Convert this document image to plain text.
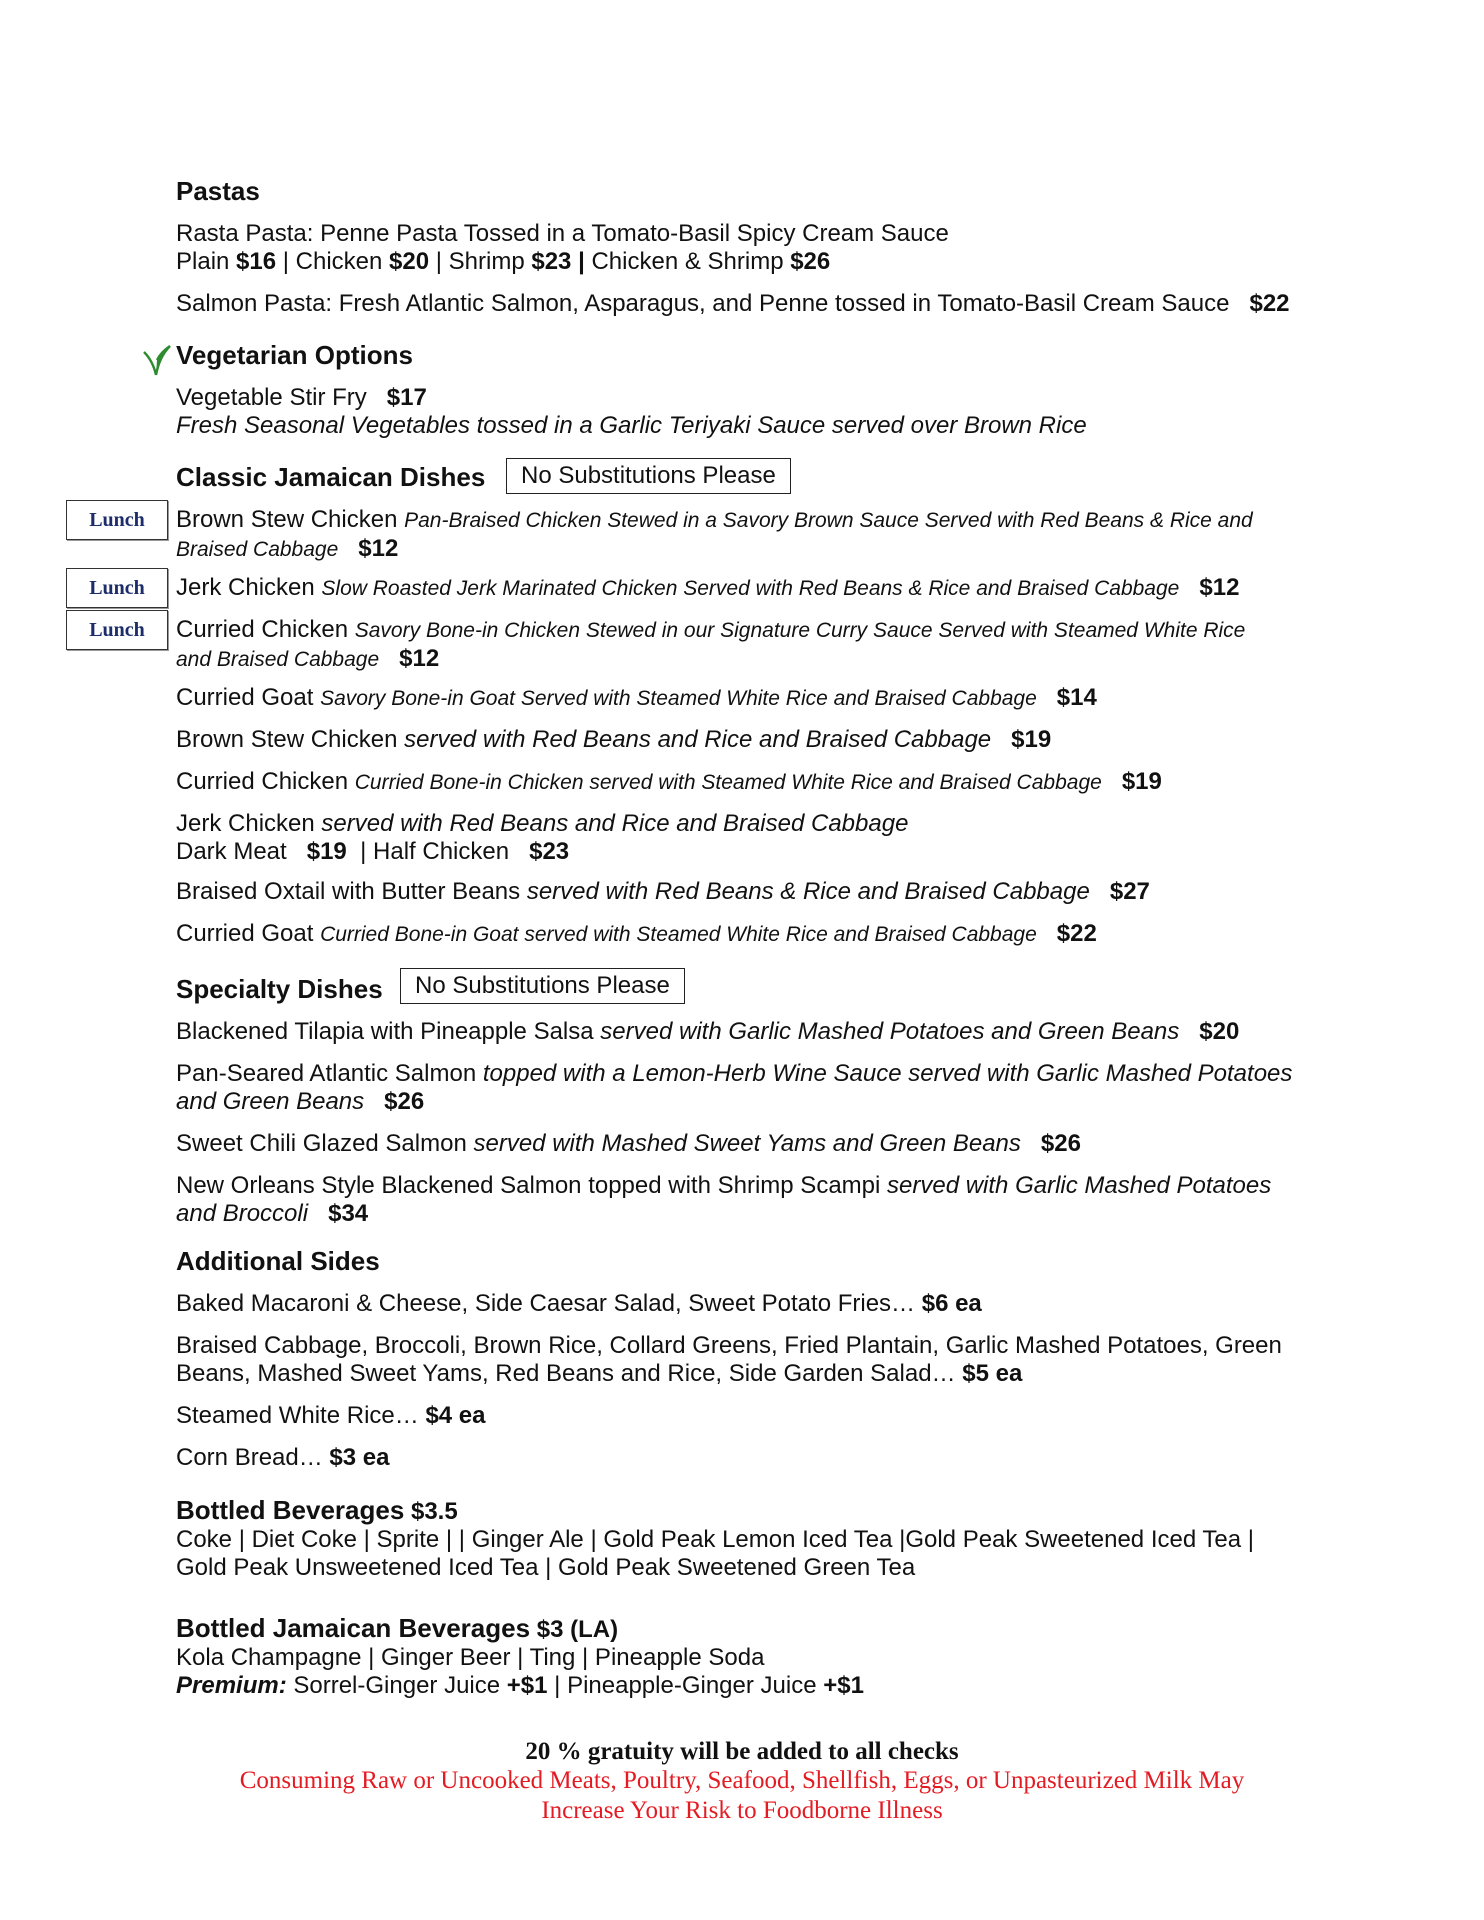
Lunch
Lunch
Lunch
Pastas
Rasta Pasta: Penne Pasta Tossed in a Tomato-Basil Spicy Cream Sauce
Plain $16 | Chicken $20 | Shrimp $23 | Chicken & Shrimp $26
Salmon Pasta: Fresh Atlantic Salmon, Asparagus, and Penne tossed in Tomato-Basil Cream Sauce $22
Vegetarian Options
Vegetable Stir Fry $17
Fresh Seasonal Vegetables tossed in a Garlic Teriyaki Sauce served over Brown Rice
Classic Jamaican Dishes	No Substitutions Please
Brown Stew Chicken Pan-Braised Chicken Stewed in a Savory Brown Sauce Served with Red Beans & Rice and
Braised Cabbage $12
Jerk Chicken Slow Roasted Jerk Marinated Chicken Served with Red Beans & Rice and Braised Cabbage $12
Curried Chicken Savory Bone-in Chicken Stewed in our Signature Curry Sauce Served with Steamed White Rice
and Braised Cabbage $12
Curried Goat Savory Bone-in Goat Served with Steamed White Rice and Braised Cabbage $14
Brown Stew Chicken served with Red Beans and Rice and Braised Cabbage $19
Curried Chicken Curried Bone-in Chicken served with Steamed White Rice and Braised Cabbage $19
Jerk Chicken served with Red Beans and Rice and Braised Cabbage
Dark Meat $19 | Half Chicken $23
Braised Oxtail with Butter Beans served with Red Beans & Rice and Braised Cabbage $27
Curried Goat Curried Bone-in Goat served with Steamed White Rice and Braised Cabbage $22
Specialty Dishes	No Substitutions Please
Blackened Tilapia with Pineapple Salsa served with Garlic Mashed Potatoes and Green Beans $20
Pan-Seared Atlantic Salmon topped with a Lemon-Herb Wine Sauce served with Garlic Mashed Potatoes
and Green Beans $26
Sweet Chili Glazed Salmon served with Mashed Sweet Yams and Green Beans $26
New Orleans Style Blackened Salmon topped with Shrimp Scampi served with Garlic Mashed Potatoes
and Broccoli $34
Additional Sides
Baked Macaroni & Cheese, Side Caesar Salad, Sweet Potato Fries… $6 ea
Braised Cabbage, Broccoli, Brown Rice, Collard Greens, Fried Plantain, Garlic Mashed Potatoes, Green
Beans, Mashed Sweet Yams, Red Beans and Rice, Side Garden Salad… $5 ea
Steamed White Rice… $4 ea
Corn Bread… $3 ea
Bottled Beverages $3.5
Coke | Diet Coke | Sprite | | Ginger Ale | Gold Peak Lemon Iced Tea |Gold Peak Sweetened Iced Tea |
Gold Peak Unsweetened Iced Tea | Gold Peak Sweetened Green Tea
Bottled Jamaican Beverages $3 (LA)
Kola Champagne | Ginger Beer | Ting | Pineapple Soda
Premium: Sorrel-Ginger Juice +$1 | Pineapple-Ginger Juice +$1
20 % gratuity will be added to all checks
Consuming Raw or Uncooked Meats, Poultry, Seafood, Shellfish, Eggs, or Unpasteurized Milk May
Increase Your Risk to Foodborne Illness
